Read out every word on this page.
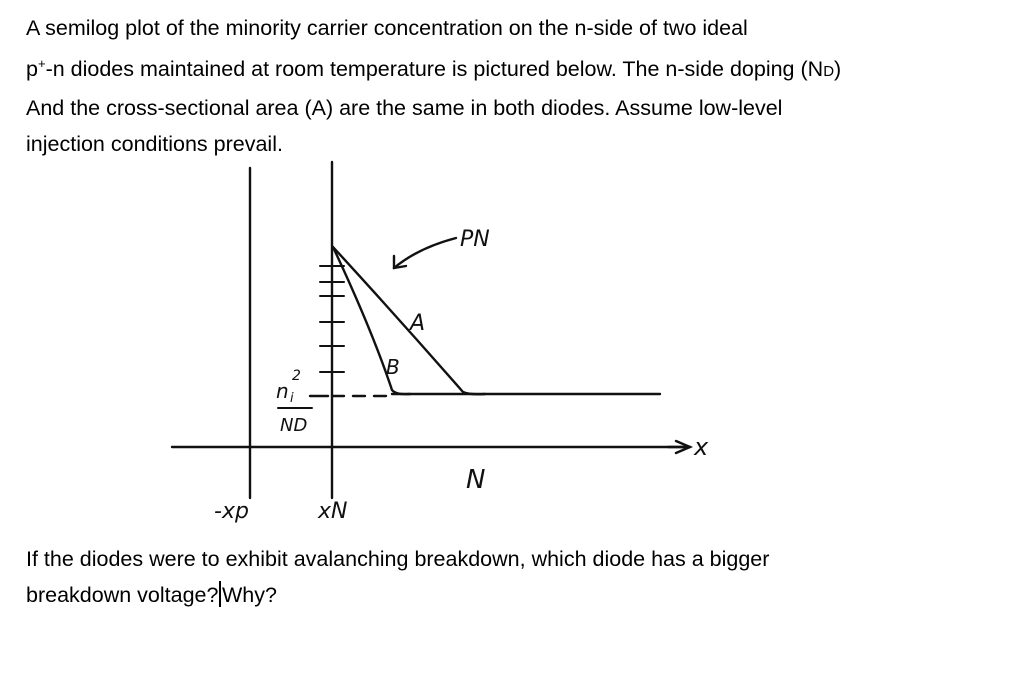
A semilog plot of the minority carrier concentration on the n-side of two ideal
p+-n diodes maintained at room temperature is pictured below. The n-side doping (ND)
And the cross-sectional area (A) are the same in both diodes. Assume low-level
injection conditions prevail.

PN
A
B
n i
2
ND
N
x
-xp	xN

If the diodes were to exhibit avalanching breakdown, which diode has a bigger
breakdown voltage? Why?
